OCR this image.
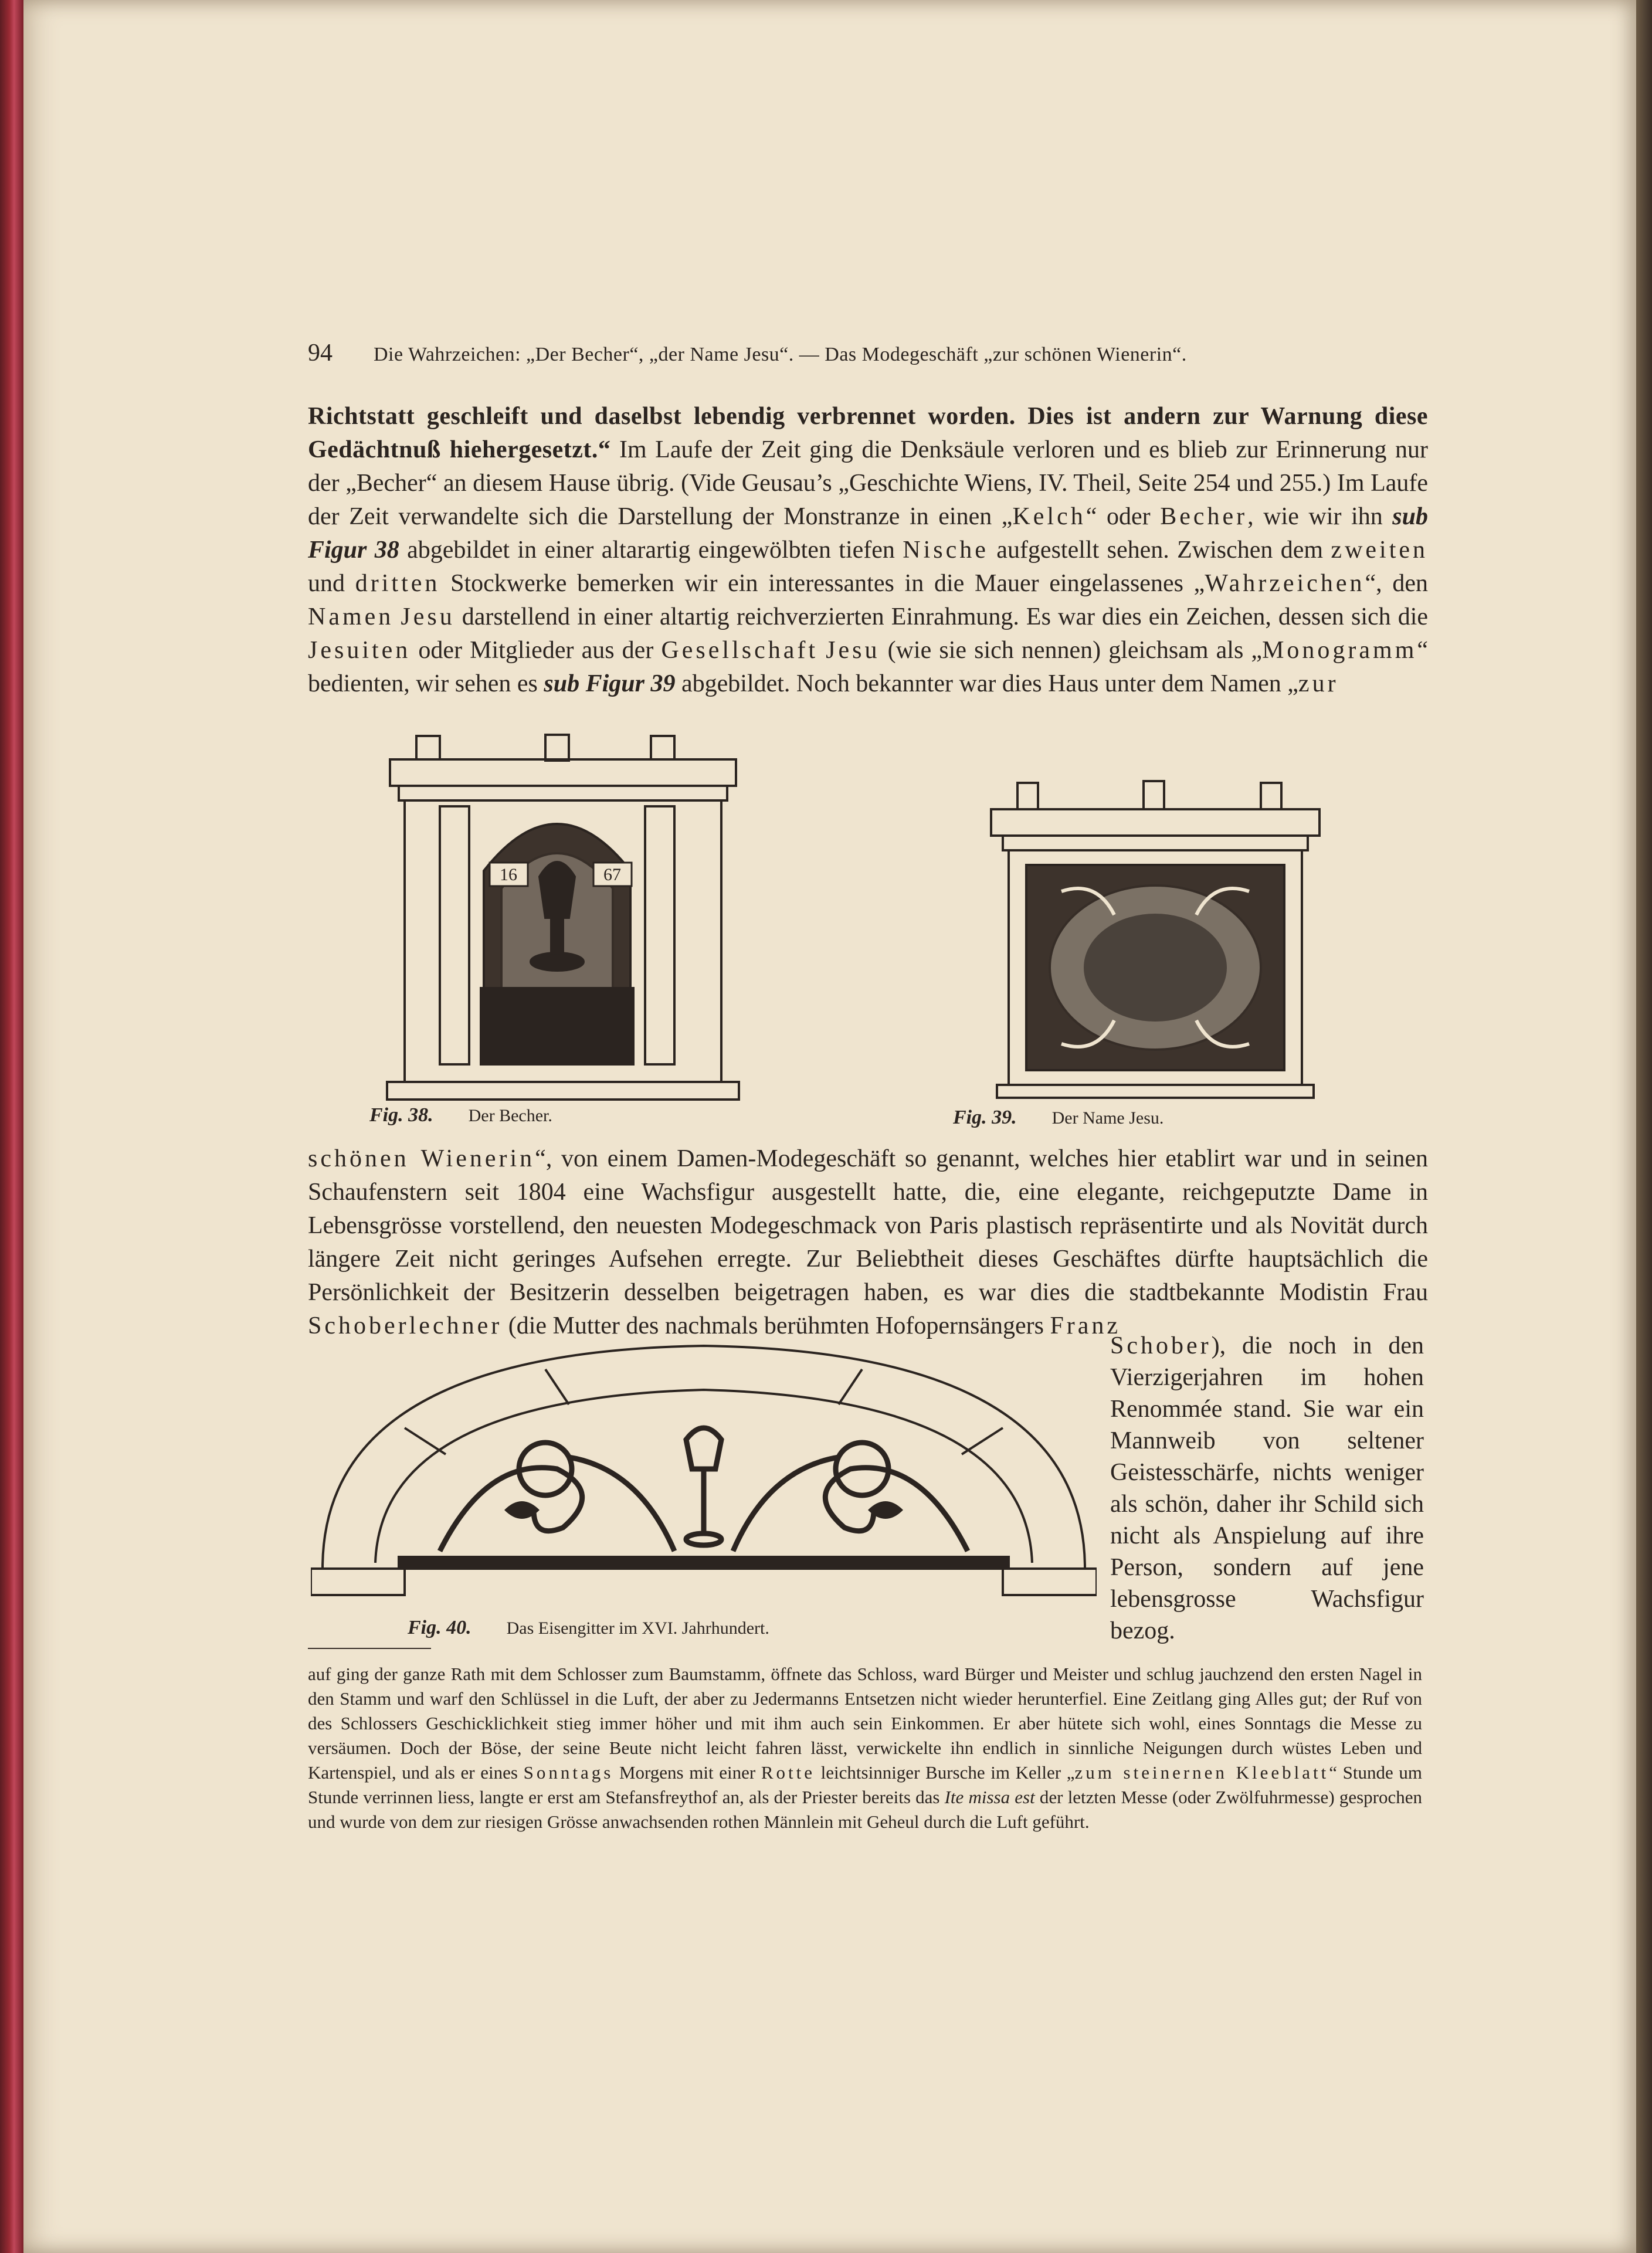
94 Die Wahrzeichen: „Der Becher“, „der Name Jesu“. — Das Modegeschäft „zur schönen Wienerin“.

Richtstatt geschleift und daselbst lebendig verbrennet worden. Dies ist andern zur Warnung diese Gedächtnuß hiehergesetzt.“ Im Laufe der Zeit ging die Denksäule verloren und es blieb zur Erinnerung nur der „Becher“ an diesem Hause übrig. (Vide Geusau’s „Geschichte Wiens, IV. Theil, Seite 254 und 255.) Im Laufe der Zeit verwandelte sich die Darstellung der Monstranze in einen „Kelch“ oder Becher, wie wir ihn sub Figur 38 abgebildet in einer altarartig eingewölbten tiefen Nische aufgestellt sehen. Zwischen dem zweiten und dritten Stockwerke bemerken wir ein interessantes in die Mauer eingelassenes „Wahrzeichen“, den Namen Jesu darstellend in einer altartig reichverzierten Einrahmung. Es war dies ein Zeichen, dessen sich die Jesuiten oder Mitglieder aus der Gesellschaft Jesu (wie sie sich nennen) gleichsam als „Monogramm“ bedienten, wir sehen es sub Figur 39 abgebildet. Noch bekannter war dies Haus unter dem Namen „zur

16	67
Fig. 38. Der Becher.	Fig. 39. Der Name Jesu.

schönen Wienerin“, von einem Damen-Modegeschäft so genannt, welches hier etablirt war und in seinen Schaufenstern seit 1804 eine Wachsfigur ausgestellt hatte, die, eine elegante, reichgeputzte Dame in Lebensgrösse vorstellend, den neuesten Modegeschmack von Paris plastisch repräsentirte und als Novität durch längere Zeit nicht geringes Aufsehen erregte. Zur Beliebtheit dieses Geschäftes dürfte hauptsächlich die Persönlichkeit der Besitzerin desselben beigetragen haben, es war dies die stadtbekannte Modistin Frau Schoberlechner (die Mutter des nachmals berühmten Hofopernsängers Franz

Fig. 40. Das Eisengitter im XVI. Jahrhundert.
Schober), die noch in den Vierzigerjahren im hohen Renommée stand. Sie war ein Mannweib von seltener Geistesschärfe, nichts weniger als schön, daher ihr Schild sich nicht als Anspielung auf ihre Person, sondern auf jene lebensgrosse Wachsfigur bezog.
auf ging der ganze Rath mit dem Schlosser zum Baumstamm, öffnete das Schloss, ward Bürger und Meister und schlug jauchzend den ersten Nagel in den Stamm und warf den Schlüssel in die Luft, der aber zu Jedermanns Entsetzen nicht wieder herunterfiel. Eine Zeitlang ging Alles gut; der Ruf von des Schlossers Geschicklichkeit stieg immer höher und mit ihm auch sein Einkommen. Er aber hütete sich wohl, eines Sonntags die Messe zu versäumen. Doch der Böse, der seine Beute nicht leicht fahren lässt, verwickelte ihn endlich in sinnliche Neigungen durch wüstes Leben und Kartenspiel, und als er eines Sonntags Morgens mit einer Rotte leichtsinniger Bursche im Keller „zum steinernen Kleeblatt“ Stunde um Stunde verrinnen liess, langte er erst am Stefansfreythof an, als der Priester bereits das Ite missa est der letzten Messe (oder Zwölfuhrmesse) gesprochen und wurde von dem zur riesigen Grösse anwachsenden rothen Männlein mit Geheul durch die Luft geführt.
